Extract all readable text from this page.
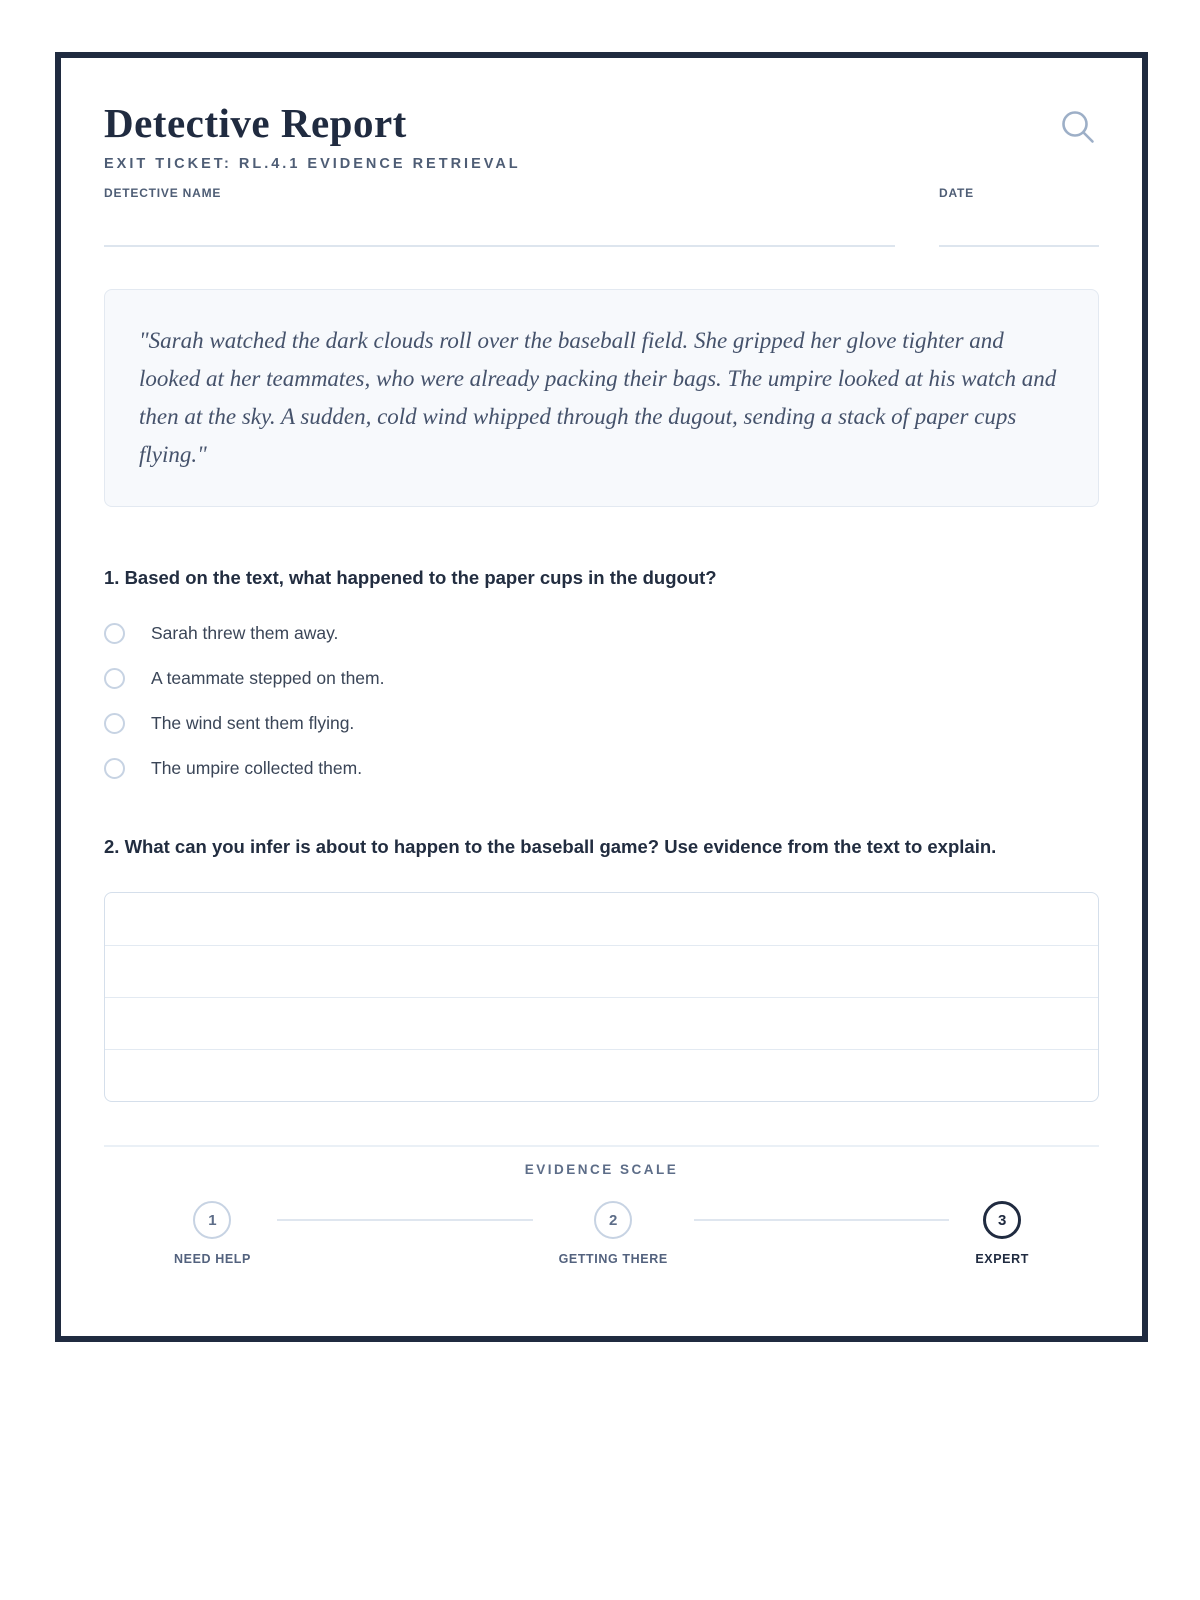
Detective Report
EXIT TICKET: RL.4.1 EVIDENCE RETRIEVAL
DETECTIVE NAME	DATE

"Sarah watched the dark clouds roll over the baseball field. She gripped her glove tighter and looked at her teammates, who were already packing their bags. The umpire looked at his watch and then at the sky. A sudden, cold wind whipped through the dugout, sending a stack of paper cups flying."

1. Based on the text, what happened to the paper cups in the dugout?
Sarah threw them away.
A teammate stepped on them.
The wind sent them flying.
The umpire collected them.
2. What can you infer is about to happen to the baseball game? Use evidence from the text to explain.
EVIDENCE SCALE
1
NEED HELP
2
GETTING THERE
3
EXPERT
